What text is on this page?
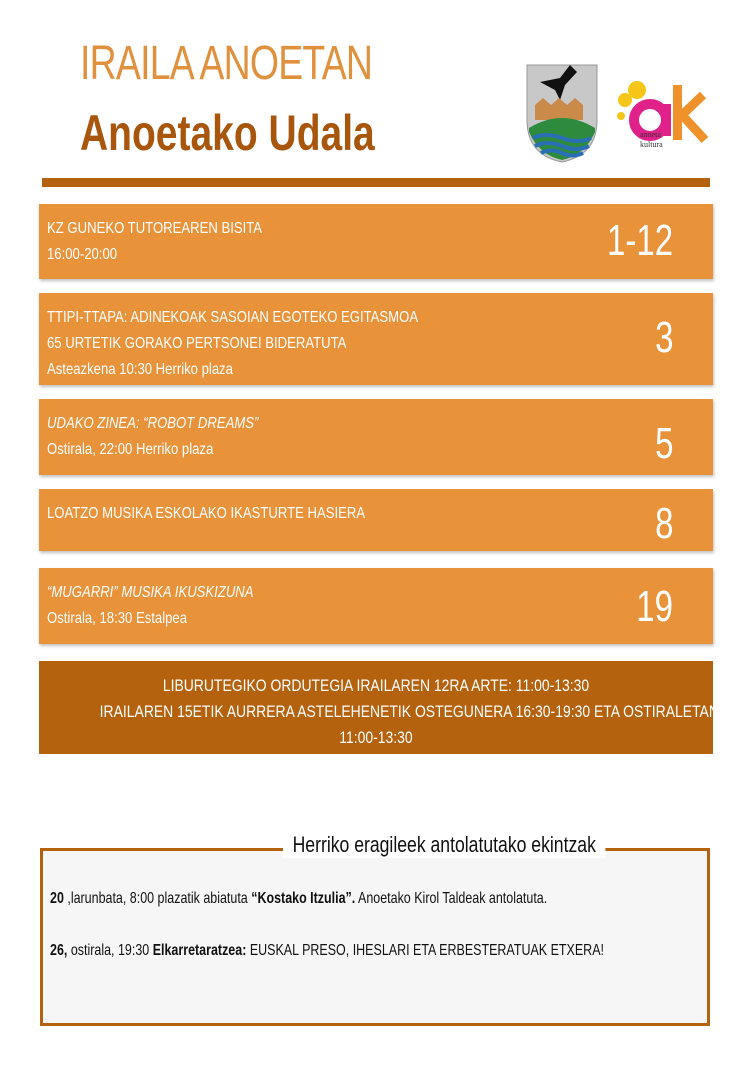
IRAILA ANOETAN
Anoetako Udala	anoeta
kultura
KZ GUNEKO TUTOREAREN BISITA
16:00-20:00	1-12
TTIPI-TTAPA: ADINEKOAK SASOIAN EGOTEKO EGITASMOA
65 URTETIK GORAKO PERTSONEI BIDERATUTA
Asteazkena 10:30 Herriko plaza
3
UDAKO ZINEA: “ROBOT DREAMS”
Ostirala, 22:00 Herriko plaza	5
LOATZO MUSIKA ESKOLAKO IKASTURTE HASIERA	8
“MUGARRI” MUSIKA IKUSKIZUNA
Ostirala, 18:30 Estalpea	19
LIBURUTEGIKO ORDUTEGIA IRAILAREN 12RA ARTE: 11:00-13:30
IRAILAREN 15ETIK AURRERA ASTELEHENETIK OSTEGUNERA 16:30-19:30 ETA OSTIRALETAN
11:00-13:30
Herriko eragileek antolatutako ekintzak
20 ,larunbata, 8:00 plazatik abiatuta “Kostako Itzulia”. Anoetako Kirol Taldeak antolatuta.
26, ostirala, 19:30 Elkarretaratzea: EUSKAL PRESO, IHESLARI ETA ERBESTERATUAK ETXERA!
